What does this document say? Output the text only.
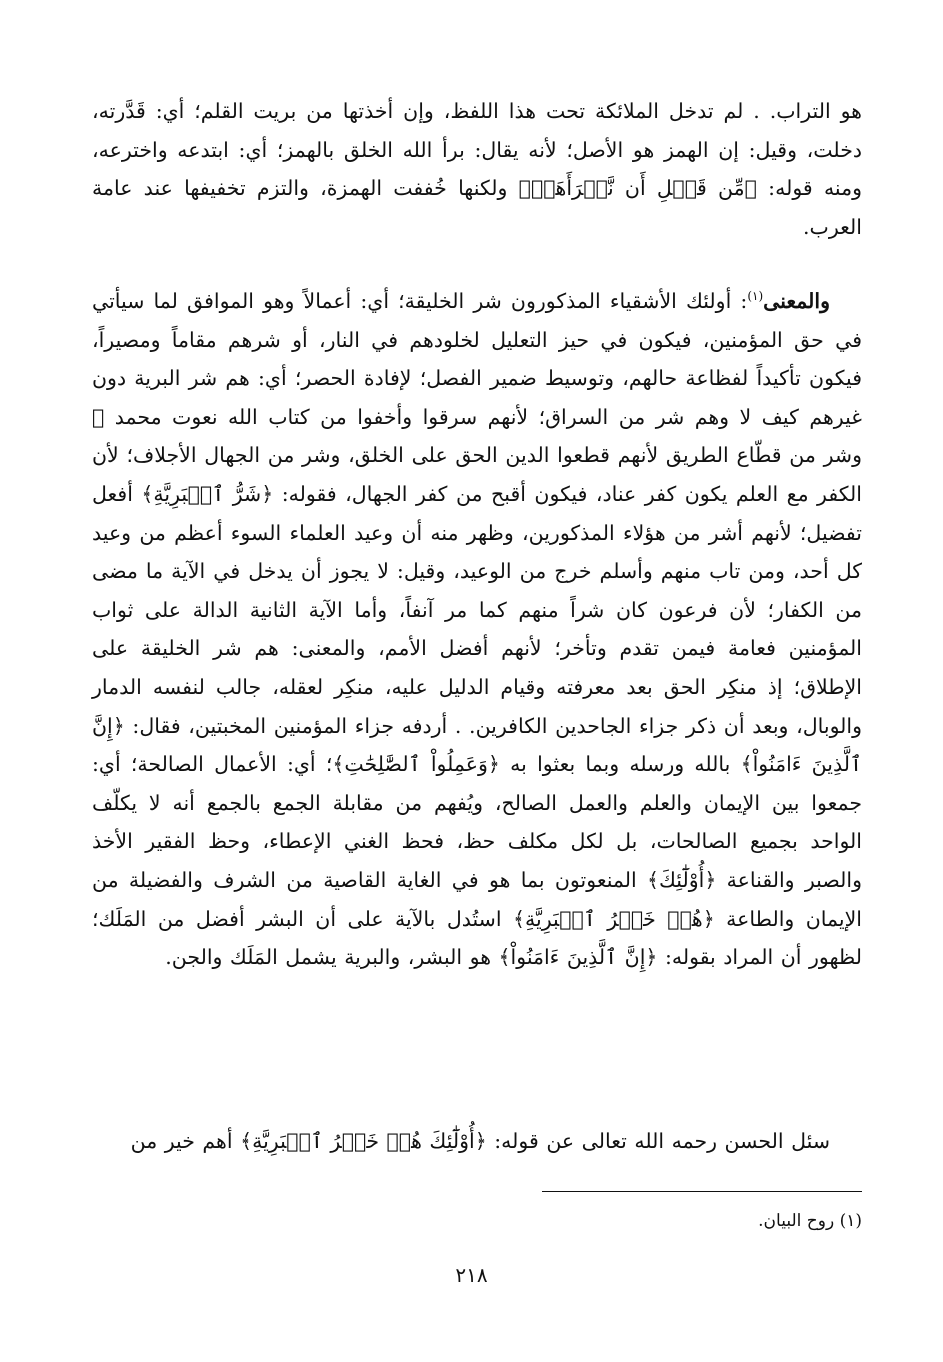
هو التراب. . لم تدخل الملائكة تحت هذا اللفظ، وإن أخذتها من بريت القلم؛ أي: قَدَّرته، دخلت، وقيل: إن الهمز هو الأصل؛ لأنه يقال: برأ الله الخلق بالهمز؛ أي: ابتدعه واخترعه، ومنه قوله: ﴿مِّن قَبۡلِ أَن نَّبۡرَأَهَآۚ﴾ ولكنها خُففت الهمزة، والتزم تخفيفها عند عامة العرب.

والمعنى$^{(١)}$: أولئك الأشقياء المذكورون شر الخليقة؛ أي: أعمالاً وهو الموافق لما سيأتي في حق المؤمنين، فيكون في حيز التعليل لخلودهم في النار، أو شرهم مقاماً ومصيراً، فيكون تأكيداً لفظاعة حالهم، وتوسيط ضمير الفصل؛ لإفادة الحصر؛ أي: هم شر البرية دون غيرهم كيف لا وهم شر من السراق؛ لأنهم سرقوا وأخفوا من كتاب الله نعوت محمد ﷺ وشر من قطّاع الطريق لأنهم قطعوا الدين الحق على الخلق، وشر من الجهال الأجلاف؛ لأن الكفر مع العلم يكون كفر عناد، فيكون أقبح من كفر الجهال، فقوله: ﴿شَرُّ ٱلۡبَرِيَّةِ﴾ أفعل تفضيل؛ لأنهم أشر من هؤلاء المذكورين، وظهر منه أن وعيد العلماء السوء أعظم من وعيد كل أحد، ومن تاب منهم وأسلم خرج من الوعيد، وقيل: لا يجوز أن يدخل في الآية ما مضى من الكفار؛ لأن فرعون كان شراً منهم كما مر آنفاً، وأما الآية الثانية الدالة على ثواب المؤمنين فعامة فيمن تقدم وتأخر؛ لأنهم أفضل الأمم، والمعنى: هم شر الخليقة على الإطلاق؛ إذ منكِر الحق بعد معرفته وقيام الدليل عليه، منكِر لعقله، جالب لنفسه الدمار والوبال، وبعد أن ذكر جزاء الجاحدين الكافرين. . أردفه جزاء المؤمنين المخبتين، فقال: ﴿إِنَّ ٱلَّذِينَ ءَامَنُواْ﴾ بالله ورسله وبما بعثوا به ﴿وَعَمِلُواْ ٱلصَّٰلِحَٰتِ﴾؛ أي: الأعمال الصالحة؛ أي: جمعوا بين الإيمان والعلم والعمل الصالح، ويُفهم من مقابلة الجمع بالجمع أنه لا يكلّف الواحد بجميع الصالحات، بل لكل مكلف حظ، فحظ الغني الإعطاء، وحظ الفقير الأخذ والصبر والقناعة ﴿أُوْلَٰٓئِكَ﴾ المنعوتون بما هو في الغاية القاصية من الشرف والفضيلة من الإيمان والطاعة ﴿هُمۡ خَيۡرُ ٱلۡبَرِيَّةِ﴾ استُدل بالآية على أن البشر أفضل من المَلَك؛ لظهور أن المراد بقوله: ﴿إِنَّ ٱلَّذِينَ ءَامَنُواْ﴾ هو البشر، والبرية يشمل المَلَك والجن.

سئل الحسن رحمه الله تعالى عن قوله: ﴿أُوْلَٰٓئِكَ هُمۡ خَيۡرُ ٱلۡبَرِيَّةِ﴾ أهم خير من

(١) روح البيان.
٢١٨
